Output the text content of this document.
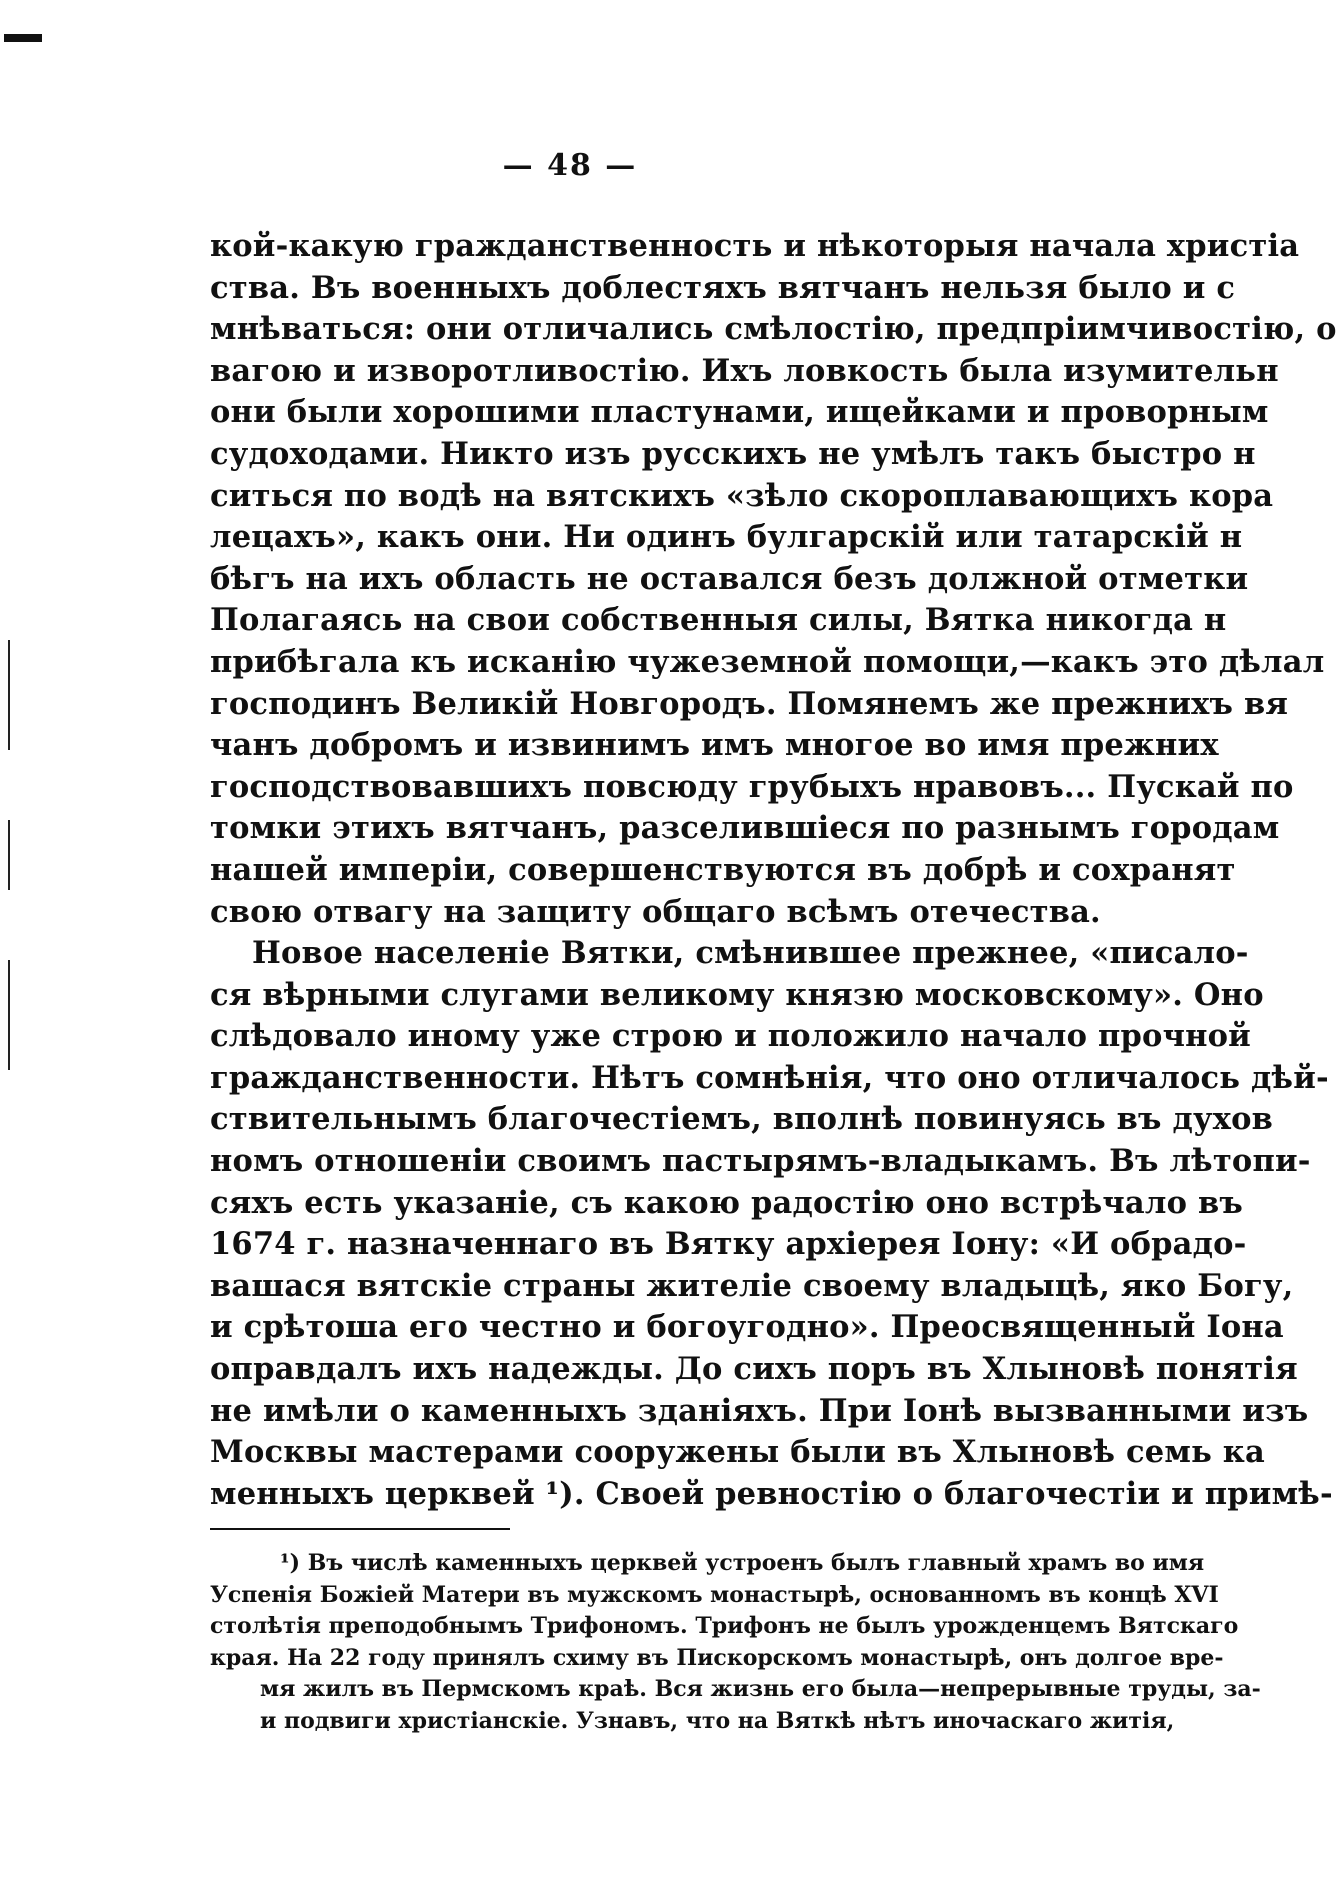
— 48 —
кой-какую гражданственность и нѣкоторыя начала христіа
ства. Въ военныхъ доблестяхъ вятчанъ нельзя было и с
мнѣваться: они отличались смѣлостію, предпріимчивостію, о
вагою и изворотливостію. Ихъ ловкость была изумительн
они были хорошими пластунами, ищейками и проворным
судоходами. Никто изъ русскихъ не умѣлъ такъ быстро н
ситься по водѣ на вятскихъ «зѣло скороплавающихъ кора
лецахъ», какъ они. Ни одинъ булгарскій или татарскій н
бѣгъ на ихъ область не оставался безъ должной отметки
Полагаясь на свои собственныя силы, Вятка никогда н
прибѣгала къ исканію чужеземной помощи,—какъ это дѣлал
господинъ Великій Новгородъ. Помянемъ же прежнихъ вя
чанъ добромъ и извинимъ имъ многое во имя прежних
господствовавшихъ повсюду грубыхъ нравовъ... Пускай по
томки этихъ вятчанъ, разселившіеся по разнымъ городам
нашей имперіи, совершенствуются въ добрѣ и сохранят
свою отвагу на защиту общаго всѣмъ отечества.
Новое населеніе Вятки, смѣнившее прежнее, «писало-
ся вѣрными слугами великому князю московскому». Оно
слѣдовало иному уже строю и положило начало прочной
гражданственности. Нѣтъ сомнѣнія, что оно отличалось дѣй-
ствительнымъ благочестіемъ, вполнѣ повинуясь въ духов
номъ отношеніи своимъ пастырямъ-владыкамъ. Въ лѣтопи-
сяхъ есть указаніе, съ какою радостію оно встрѣчало въ
1674 г. назначеннаго въ Вятку архіерея Іону: «И обрадо-
вашася вятскіе страны жителіе своему владыцѣ, яко Богу,
и срѣтоша его честно и богоугодно». Преосвященный Іона
оправдалъ ихъ надежды. До сихъ поръ въ Хлыновѣ понятія
не имѣли о каменныхъ зданіяхъ. При Іонѣ вызванными изъ
Москвы мастерами сооружены были въ Хлыновѣ семь ка
менныхъ церквей ¹). Своей ревностію о благочестіи и примѣ-
¹) Въ числѣ каменныхъ церквей устроенъ былъ главный храмъ во имя
Успенія Божіей Матери въ мужскомъ монастырѣ, основанномъ въ концѣ XVI
столѣтія преподобнымъ Трифономъ. Трифонъ не былъ урожденцемъ Вятскаго
края. На 22 году принялъ схиму въ Пискорскомъ монастырѣ, онъ долгое вре-
мя жилъ въ Пермскомъ краѣ. Вся жизнь его была—непрерывные труды, за-
и подвиги христіанскіе. Узнавъ, что на Вяткѣ нѣтъ иночаскаго житія,
